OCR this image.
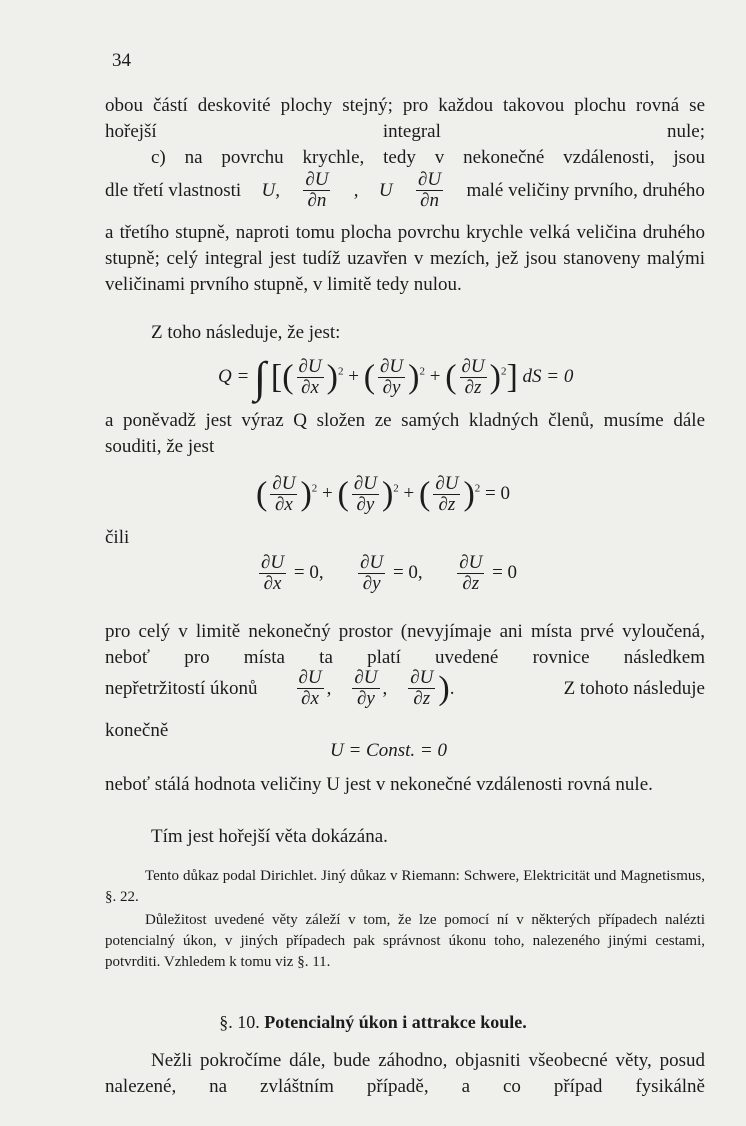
34

obou částí deskovité plochy stejný; pro každou takovou plochu rovná se hořejší integral nule;

c) na povrchu krychle, tedy v nekonečné vzdálenosti, jsou

dle třetí vlastnosti U, $\frac{\partial U}{\partial n}$ , U $\frac{\partial U}{\partial n}$ malé veličiny prvního, druhého

a třetího stupně, naproti tomu plocha povrchu krychle velká veličina druhého stupně; celý integral jest tudíž uzavřen v mezích, jež jsou stanoveny malými veličinami prvního stupně, v limitě tedy nulou.

Z toho následuje, že jest:

Q = ∫ [( $\frac{\partial U}{\partial x} )^2$ + ( $\frac{\partial U}{\partial y} )^2$ + ( $\frac{\partial U}{\partial z} )^2$] dS = 0

a poněvadž jest výraz Q složen ze samých kladných členů, musíme dále souditi, že jest

( $\frac{\partial U}{\partial x} )^2$ + ( $\frac{\partial U}{\partial y} )^2$ + ( $\frac{\partial U}{\partial z} )^2 = 0$
čili
$\frac{\partial U}{\partial x} = 0$, $\frac{\partial U}{\partial y} = 0$, $\frac{\partial U}{\partial z} = 0$

pro celý v limitě nekonečný prostor (nevyjímaje ani místa prvé vyloučená, neboť pro místa ta platí uvedené rovnice následkem

nepřetržitostí úkonů $\frac{\partial U}{\partial x}$ , $\frac{\partial U}{\partial y}$ , $\frac{\partial U}{\partial z}$ ) .	Z tohoto následuje
konečně
U = Const. = 0

neboť stálá hodnota veličiny U jest v nekonečné vzdálenosti rovná nule.

Tím jest hořejší věta dokázána.

Tento důkaz podal Dirichlet. Jiný důkaz v Riemann: Schwere, Elektricität und Magnetismus, §. 22.

Důležitost uvedené věty záleží v tom, že lze pomocí ní v některých případech nalézti potencialný úkon, v jiných případech pak správnost úkonu toho, nalezeného jinými cestami, potvrditi. Vzhledem k tomu viz §. 11.

§. 10. Potencialný úkon i attrakce koule.

Nežli pokročíme dále, bude záhodno, objasniti všeobecné věty, posud nalezené, na zvláštním případě, a co případ fysikálně
